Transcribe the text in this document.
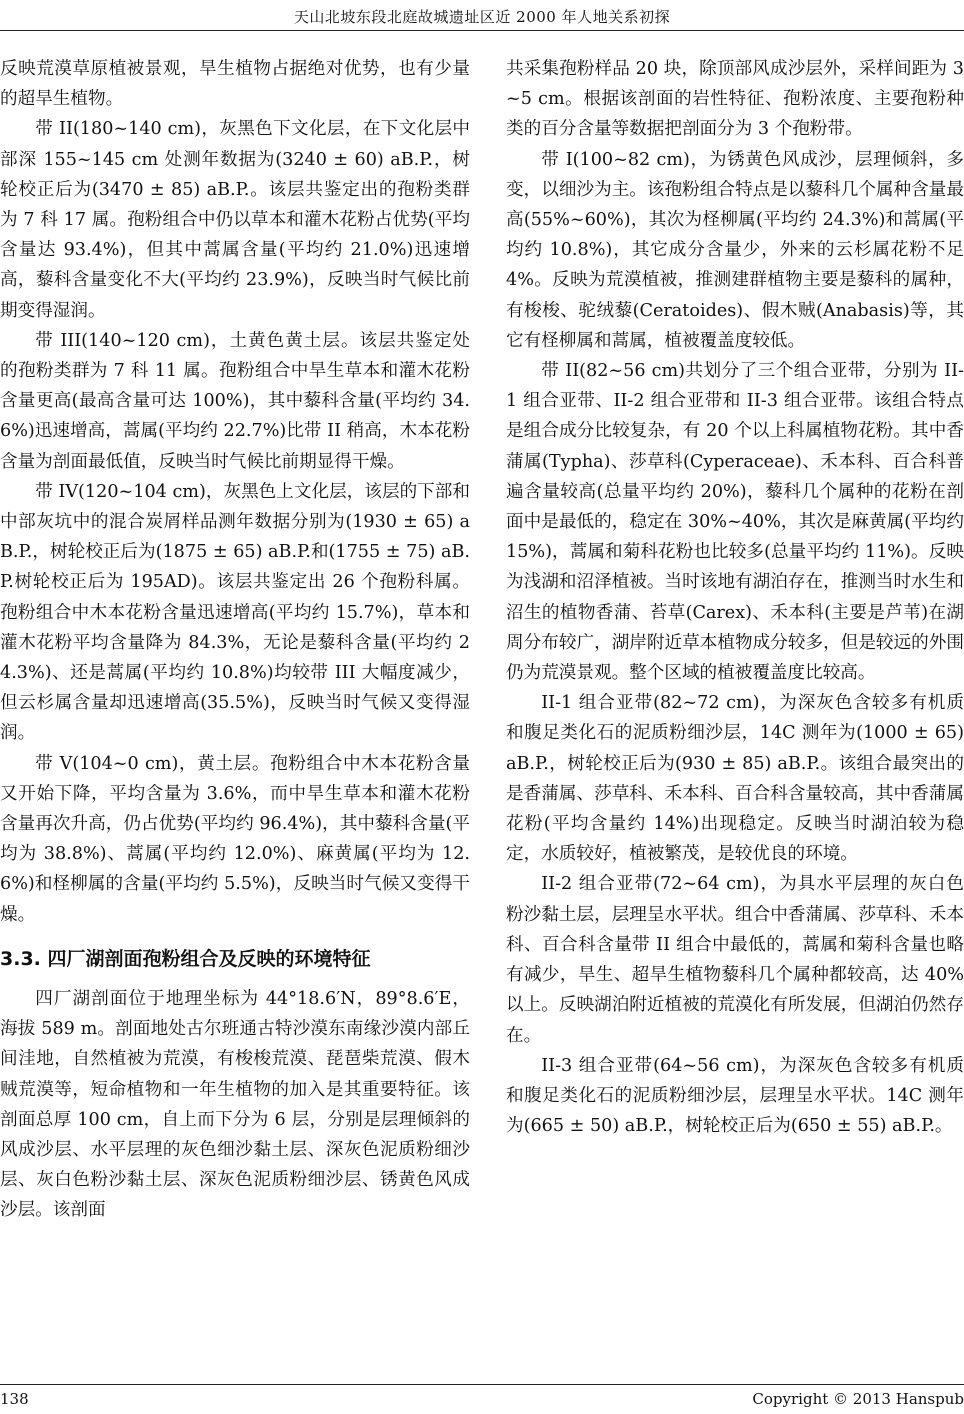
天山北坡东段北庭故城遗址区近 2000 年人地关系初探

反映荒漠草原植被景观，旱生植物占据绝对优势，也有少量的超旱生植物。

带 II(180~140 cm)，灰黑色下文化层，在下文化层中部深 155~145 cm 处测年数据为(3240 ± 60) aB.P.，树轮校正后为(3470 ± 85) aB.P.。该层共鉴定出的孢粉类群为 7 科 17 属。孢粉组合中仍以草本和灌木花粉占优势(平均含量达 93.4%)，但其中蒿属含量(平均约 21.0%)迅速增高，藜科含量变化不大(平均约 23.9%)，反映当时气候比前期变得湿润。

带 III(140~120 cm)，土黄色黄土层。该层共鉴定处的孢粉类群为 7 科 11 属。孢粉组合中旱生草本和灌木花粉含量更高(最高含量可达 100%)，其中藜科含量(平均约 34.6%)迅速增高，蒿属(平均约 22.7%)比带 II 稍高，木本花粉含量为剖面最低值，反映当时气候比前期显得干燥。

带 IV(120~104 cm)，灰黑色上文化层，该层的下部和中部灰坑中的混合炭屑样品测年数据分别为(1930 ± 65) aB.P.，树轮校正后为(1875 ± 65) aB.P.和(1755 ± 75) aB.P.树轮校正后为 195AD)。该层共鉴定出 26 个孢粉科属。孢粉组合中木本花粉含量迅速增高(平均约 15.7%)，草本和灌木花粉平均含量降为 84.3%，无论是藜科含量(平均约 24.3%)、还是蒿属(平均约 10.8%)均较带 III 大幅度减少，但云杉属含量却迅速增高(35.5%)，反映当时气候又变得湿润。

带 V(104~0 cm)，黄土层。孢粉组合中木本花粉含量又开始下降，平均含量为 3.6%，而中旱生草本和灌木花粉含量再次升高，仍占优势(平均约 96.4%)，其中藜科含量(平均为 38.8%)、蒿属(平均约 12.0%)、麻黄属(平均为 12.6%)和柽柳属的含量(平均约 5.5%)，反映当时气候又变得干燥。

3.3. 四厂湖剖面孢粉组合及反映的环境特征

四厂湖剖面位于地理坐标为 44°18.6′N，89°8.6′E，海拔 589 m。剖面地处古尔班通古特沙漠东南缘沙漠内部丘间洼地，自然植被为荒漠，有梭梭荒漠、琵琶柴荒漠、假木贼荒漠等，短命植物和一年生植物的加入是其重要特征。该剖面总厚 100 cm，自上而下分为 6 层，分别是层理倾斜的风成沙层、水平层理的灰色细沙黏土层、深灰色泥质粉细沙层、灰白色粉沙黏土层、深灰色泥质粉细沙层、锈黄色风成沙层。该剖面

共采集孢粉样品 20 块，除顶部风成沙层外，采样间距为 3~5 cm。根据该剖面的岩性特征、孢粉浓度、主要孢粉种类的百分含量等数据把剖面分为 3 个孢粉带。

带 I(100~82 cm)，为锈黄色风成沙，层理倾斜，多变，以细沙为主。该孢粉组合特点是以藜科几个属种含量最高(55%~60%)，其次为柽柳属(平均约 24.3%)和蒿属(平均约 10.8%)，其它成分含量少，外来的云杉属花粉不足 4%。反映为荒漠植被，推测建群植物主要是藜科的属种，有梭梭、驼绒藜(Ceratoides)、假木贼(Anabasis)等，其它有柽柳属和蒿属，植被覆盖度较低。

带 II(82~56 cm)共划分了三个组合亚带，分别为 II-1 组合亚带、II-2 组合亚带和 II-3 组合亚带。该组合特点是组合成分比较复杂，有 20 个以上科属植物花粉。其中香蒲属(Typha)、莎草科(Cyperaceae)、禾本科、百合科普遍含量较高(总量平均约 20%)，藜科几个属种的花粉在剖面中是最低的，稳定在 30%~40%，其次是麻黄属(平均约 15%)，蒿属和菊科花粉也比较多(总量平均约 11%)。反映为浅湖和沼泽植被。当时该地有湖泊存在，推测当时水生和沼生的植物香蒲、苔草(Carex)、禾本科(主要是芦苇)在湖周分布较广，湖岸附近草本植物成分较多，但是较远的外围仍为荒漠景观。整个区域的植被覆盖度比较高。

II-1 组合亚带(82~72 cm)，为深灰色含较多有机质和腹足类化石的泥质粉细沙层，14C 测年为(1000 ± 65) aB.P.，树轮校正后为(930 ± 85) aB.P.。该组合最突出的是香蒲属、莎草科、禾本科、百合科含量较高，其中香蒲属花粉(平均含量约 14%)出现稳定。反映当时湖泊较为稳定，水质较好，植被繁茂，是较优良的环境。

II-2 组合亚带(72~64 cm)，为具水平层理的灰白色粉沙黏土层，层理呈水平状。组合中香蒲属、莎草科、禾本科、百合科含量带 II 组合中最低的，蒿属和菊科含量也略有减少，旱生、超旱生植物藜科几个属种都较高，达 40%以上。反映湖泊附近植被的荒漠化有所发展，但湖泊仍然存在。

II-3 组合亚带(64~56 cm)，为深灰色含较多有机质和腹足类化石的泥质粉细沙层，层理呈水平状。14C 测年为(665 ± 50) aB.P.，树轮校正后为(650 ± 55) aB.P.。

138	Copyright © 2013 Hanspub
